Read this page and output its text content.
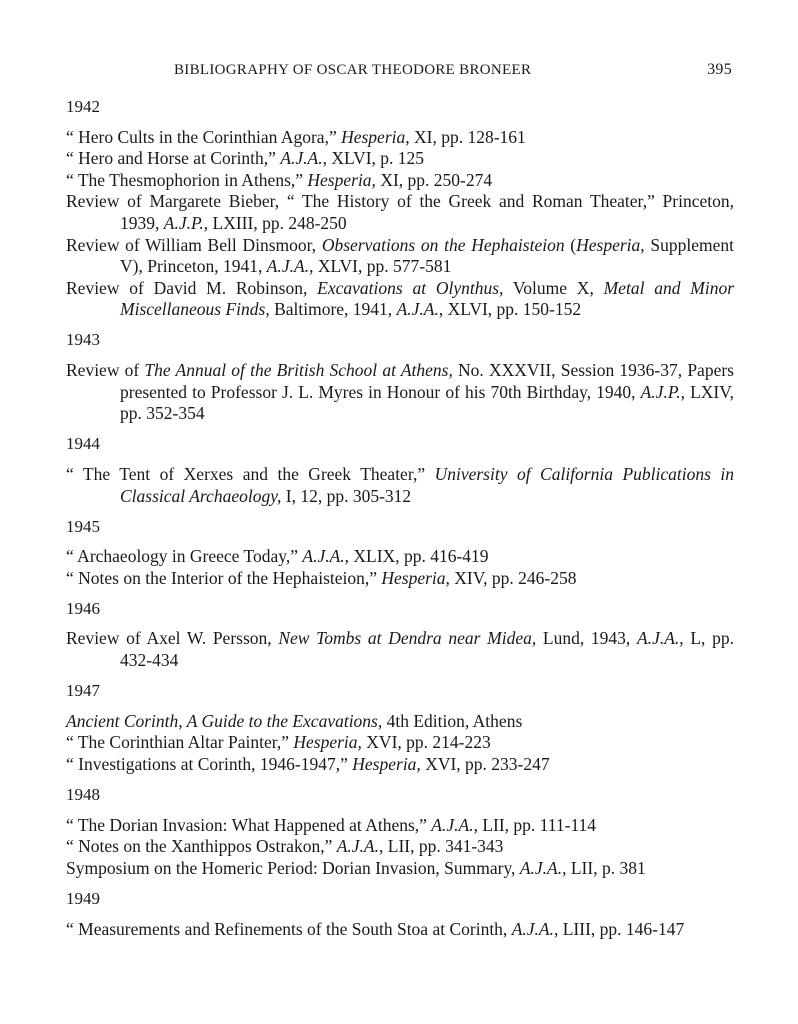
BIBLIOGRAPHY OF OSCAR THEODORE BRONEER	395
1942

“ Hero Cults in the Corinthian Agora,” Hesperia, XI, pp. 128-161

“ Hero and Horse at Corinth,” A.J.A., XLVI, p. 125

“ The Thesmophorion in Athens,” Hesperia, XI, pp. 250-274

Review of Margarete Bieber, “ The History of the Greek and Roman Theater,” Princeton, 1939, A.J.P., LXIII, pp. 248-250

Review of William Bell Dinsmoor, Observations on the Hephaisteion (Hesperia, Supplement V), Princeton, 1941, A.J.A., XLVI, pp. 577-581

Review of David M. Robinson, Excavations at Olynthus, Volume X, Metal and Minor Miscellaneous Finds, Baltimore, 1941, A.J.A., XLVI, pp. 150-152

1943

Review of The Annual of the British School at Athens, No. XXXVII, Session 1936-37, Papers presented to Professor J. L. Myres in Honour of his 70th Birthday, 1940, A.J.P., LXIV, pp. 352-354

1944

“ The Tent of Xerxes and the Greek Theater,” University of California Publications in Classical Archaeology, I, 12, pp. 305-312

1945

“ Archaeology in Greece Today,” A.J.A., XLIX, pp. 416-419

“ Notes on the Interior of the Hephaisteion,” Hesperia, XIV, pp. 246-258

1946

Review of Axel W. Persson, New Tombs at Dendra near Midea, Lund, 1943, A.J.A., L, pp. 432-434

1947

Ancient Corinth, A Guide to the Excavations, 4th Edition, Athens

“ The Corinthian Altar Painter,” Hesperia, XVI, pp. 214-223

“ Investigations at Corinth, 1946-1947,” Hesperia, XVI, pp. 233-247

1948

“ The Dorian Invasion: What Happened at Athens,” A.J.A., LII, pp. 111-114

“ Notes on the Xanthippos Ostrakon,” A.J.A., LII, pp. 341-343

Symposium on the Homeric Period: Dorian Invasion, Summary, A.J.A., LII, p. 381

1949

“ Measurements and Refinements of the South Stoa at Corinth, A.J.A., LIII, pp. 146-147
